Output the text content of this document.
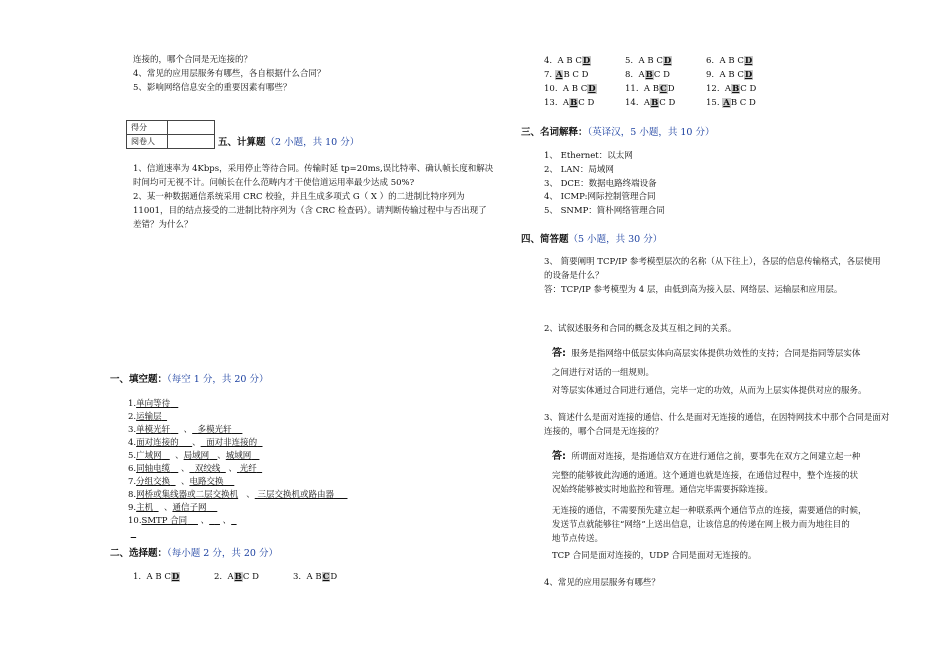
连接的，哪个合同是无连接的？
4、常见的应用层服务有哪些，各自根据什么合同？
5、影响网络信息安全的重要因素有哪些？
得分	
阅卷人		五、计算题（2 小题，共 10 分）
1、信道速率为 4Kbps，采用停止等待合同。传输时延 tp=20ms,误比特率、确认帧长度和解决
时间均可无视不计。问帧长在什么范畴内才干使信道运用率最少达成 50%?
2、某一种数据通信系统采用 CRC 校验，并且生成多项式 G（ X ）的二进制比特序列为
11001，目的结点接受的二进制比特序列为（含 CRC 检查码）。请判断传输过程中与否出现了
差错？为什么？
一、填空题：（每空 1 分，共 20 分）
1.单向等待
2.运输层
3.单模光轩     、 多模光轩
4.面对连接的 、 面对非连接的
5.广域网     、局域网 、城域网
6.同轴电缆    、 双绞线   、 光纤
7.分组交换    、电路交换
8.网桥或集线器或二层交换机   、 三层交换机或路由器
9.主机    、通信子网
10.SMTP 合同     、     、

二、选择题：（每小题 2 分，共 20 分）
1.  A B CD	2.  ABC D	3.  A BCD
4.  A B CD	5.  A B CD	6.  A B CD
7. AB C D	8.  ABC D	9.  A B CD
10.  A B CD	11.  A BCD	12.  ABC D
13.  ABC D	14.  ABC D	15. AB C D
三、名词解释：（英译汉，5 小题，共 10 分）
1、 Ethernet：以太网
2、 LAN：局域网
3、 DCE：数据电路终端设备
4、 ICMP:网际控制管理合同
5、 SNMP：简朴网络管理合同
四、简答题（5 小题，共 30 分）
3、 简要阐明 TCP/IP 参考模型层次的名称（从下往上），各层的信息传输格式，各层使用
的设备是什么？
答：TCP/IP 参考模型为 4 层，由低到高为接入层、网络层、运输层和应用层。
2、试叙述服务和合同的概念及其互相之间的关系。
答: 服务是指网络中低层实体向高层实体提供功效性的支持；合同是指同等层实体
之间进行对话的一组规则。
对等层实体通过合同进行通信，完毕一定的功效，从而为上层实体提供对应的服务。
3、简述什么是面对连接的通信、什么是面对无连接的通信，在因特网技术中那个合同是面对
连接的，哪个合同是无连接的？
答: 所谓面对连接，是指通信双方在进行通信之前，要事先在双方之间建立起一种
完整的能够彼此沟通的通道。这个通道也就是连接，在通信过程中，整个连接的状
况始终能够被实时地监控和管理。通信完毕需要拆除连接。
无连接的通信，不需要预先建立起一种联系两个通信节点的连接，需要通信的时候，
发送节点就能够往“网络”上送出信息，让该信息的传递在网上极力而为地往目的
地节点传送。
TCP 合同是面对连接的，UDP 合同是面对无连接的。
4、常见的应用层服务有哪些？
